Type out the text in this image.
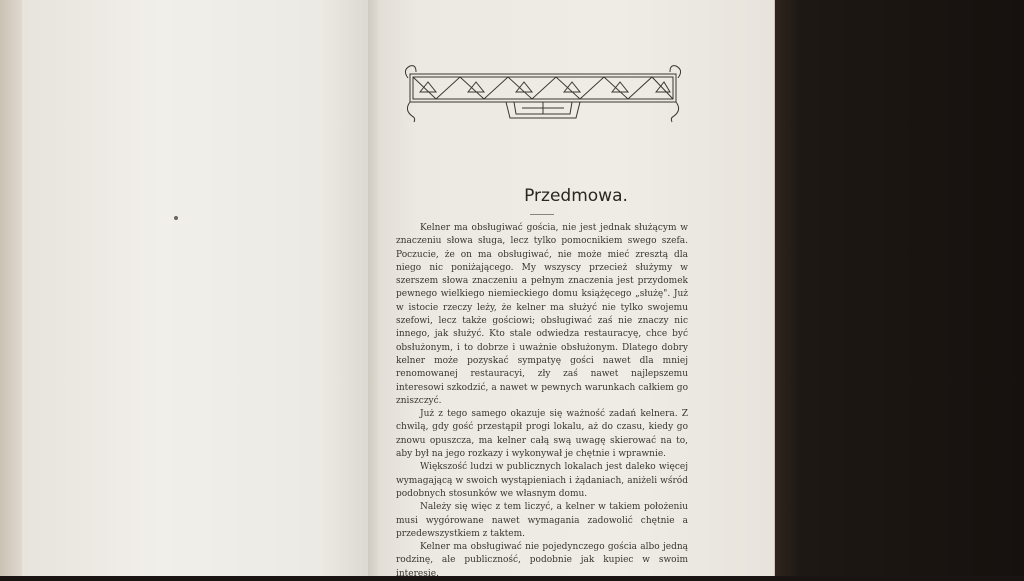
Przedmowa.

Kelner ma obsługiwać gościa, nie jest jednak służącym w znaczeniu słowa sługa, lecz tylko pomocnikiem swego szefa. Poczucie, że on ma obsługiwać, nie może mieć zresztą dla niego nic poniżającego. My wszyscy przecież służymy w szerszem słowa znaczeniu a pełnym znaczenia jest przydomek pewnego wielkiego niemieckiego domu książęcego „służę". Już w istocie rzeczy leży, że kelner ma służyć nie tylko swojemu szefowi, lecz także gościowi; obsługiwać zaś nie znaczy nic innego, jak służyć. Kto stale odwiedza restauracyę, chce być obsłużonym, i to dobrze i uważnie obsłużonym. Dlatego dobry kelner może pozyskać sympatyę gości nawet dla mniej renomowanej restauracyi, zły zaś nawet najlepszemu interesowi szkodzić, a nawet w pewnych warunkach całkiem go zniszczyć.

Już z tego samego okazuje się ważność zadań kelnera. Z chwilą, gdy gość przestąpił progi lokalu, aż do czasu, kiedy go znowu opuszcza, ma kelner całą swą uwagę skierować na to, aby był na jego rozkazy i wykonywał je chętnie i wprawnie.

Większość ludzi w publicznych lokalach jest daleko więcej wymagającą w swoich wystąpieniach i żądaniach, aniżeli wśród podobnych stosunków we własnym domu.

Należy się więc z tem liczyć, a kelner w takiem położeniu musi wygórowane nawet wymagania zadowolić chętnie a przedewszystkiem z taktem.

Kelner ma obsługiwać nie pojedynczego gościa albo jedną rodzinę, ale publiczność, podobnie jak kupiec w swoim interesie.
